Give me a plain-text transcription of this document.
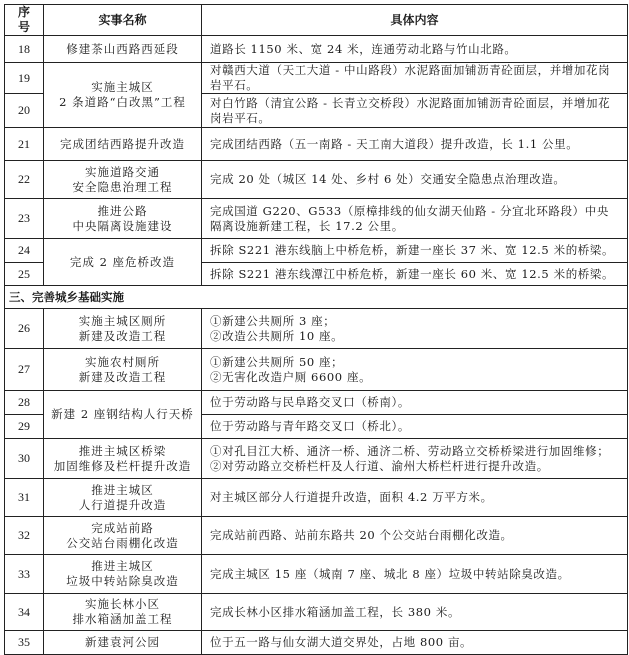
序号	实事名称	具体内容
18	修建茶山西路西延段	道路长 1150 米、宽 24 米，连通劳动北路与竹山北路。

19	实施主城区
2 条道路“白改黑”工程	对赣西大道（天工大道 - 中山路段）水泥路面加铺沥青砼面层，并增加花岗岩平石。

20		对白竹路（清宜公路 - 长青立交桥段）水泥路面加铺沥青砼面层，并增加花岗岩平石。

21	完成团结西路提升改造	完成团结西路（五一南路 - 天工南大道段）提升改造，长 1.1 公里。

22	实施道路交通
安全隐患治理工程	完成 20 处（城区 14 处、乡村 6 处）交通安全隐患点治理改造。

23	推进公路
中央隔离设施建设	完成国道 G220、G533（原樟排线的仙女湖天仙路 - 分宜北环路段）中央隔离设施新建工程，长 17.2 公里。

24	完成 2 座危桥改造	拆除 S221 港东线脑上中桥危桥，新建一座长 37 米、宽 12.5 米的桥梁。

25		拆除 S221 港东线潭江中桥危桥，新建一座长 60 米、宽 12.5 米的桥梁。

三、完善城乡基础实施		
26	实施主城区厕所
新建及改造工程	①新建公共厕所 3 座；
②改造公共厕所 10 座。

27	实施农村厕所
新建及改造工程	①新建公共厕所 50 座；
②无害化改造户厕 6600 座。

28	新建 2 座钢结构人行天桥	位于劳动路与民阜路交叉口（桥南）。

29		位于劳动路与青年路交叉口（桥北）。

30	推进主城区桥梁
加固维修及栏杆提升改造	①对孔目江大桥、通济一桥、通济二桥、劳动路立交桥桥梁进行加固维修；
②对劳动路立交桥栏杆及人行道、渝州大桥栏杆进行提升改造。

31	推进主城区
人行道提升改造	对主城区部分人行道提升改造，面积 4.2 万平方米。

32	完成站前路
公交站台雨棚化改造	完成站前西路、站前东路共 20 个公交站台雨棚化改造。

33	推进主城区
垃圾中转站除臭改造	完成主城区 15 座（城南 7 座、城北 8 座）垃圾中转站除臭改造。

34	实施长林小区
排水箱涵加盖工程	完成长林小区排水箱涵加盖工程，长 380 米。

35	新建袁河公园	位于五一路与仙女湖大道交界处，占地 800 亩。
